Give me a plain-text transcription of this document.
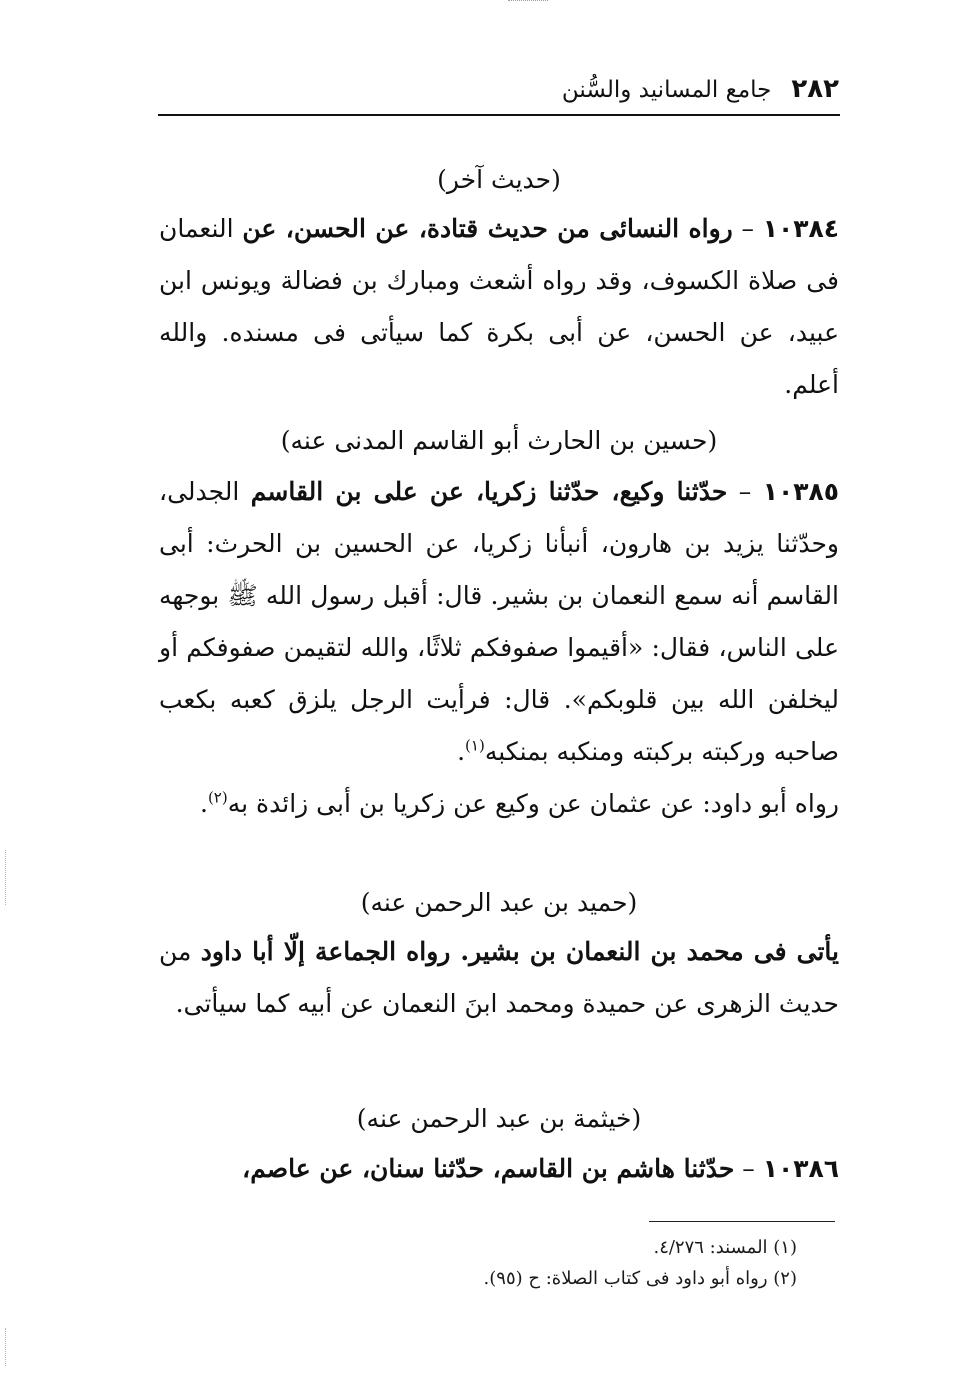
٢٨٢
جامع المسانيد والسُّنن
(حديث آخر)

١٠٣٨٤ – رواه النسائى من حديث قتادة، عن الحسن، عن النعمان فى صلاة الكسوف، وقد رواه أشعث ومبارك بن فضالة ويونس ابن عبيد، عن الحسن، عن أبى بكرة كما سيأتى فى مسنده. والله أعلم.

(حسين بن الحارث أبو القاسم المدنى عنه)

١٠٣٨٥ – حدّثنا وكيع، حدّثنا زكريا، عن على بن القاسم الجدلى، وحدّثنا يزيد بن هارون، أنبأنا زكريا، عن الحسين بن الحرث: أبى القاسم أنه سمع النعمان بن بشير. قال: أقبل رسول الله ﷺ بوجهه على الناس، فقال: «أقيموا صفوفكم ثلاثًا، والله لتقيمن صفوفكم أو ليخلفن الله بين قلوبكم». قال: فرأيت الرجل يلزق كعبه بكعب صاحبه وركبته بركبته ومنكبه بمنكبه$^{(١)}$.

رواه أبو داود: عن عثمان عن وكيع عن زكريا بن أبى زائدة به$^{(٢)}$.

(حميد بن عبد الرحمن عنه)

يأتى فى محمد بن النعمان بن بشير. رواه الجماعة إلّا أبا داود من حديث الزهرى عن حميدة ومحمد ابنَ النعمان عن أبيه كما سيأتى.

(خيثمة بن عبد الرحمن عنه)

١٠٣٨٦ – حدّثنا هاشم بن القاسم، حدّثنا سنان، عن عاصم،

(١) المسند: ٤/٢٧٦.
(٢) رواه أبو داود فى كتاب الصلاة: ح (٩٥).
